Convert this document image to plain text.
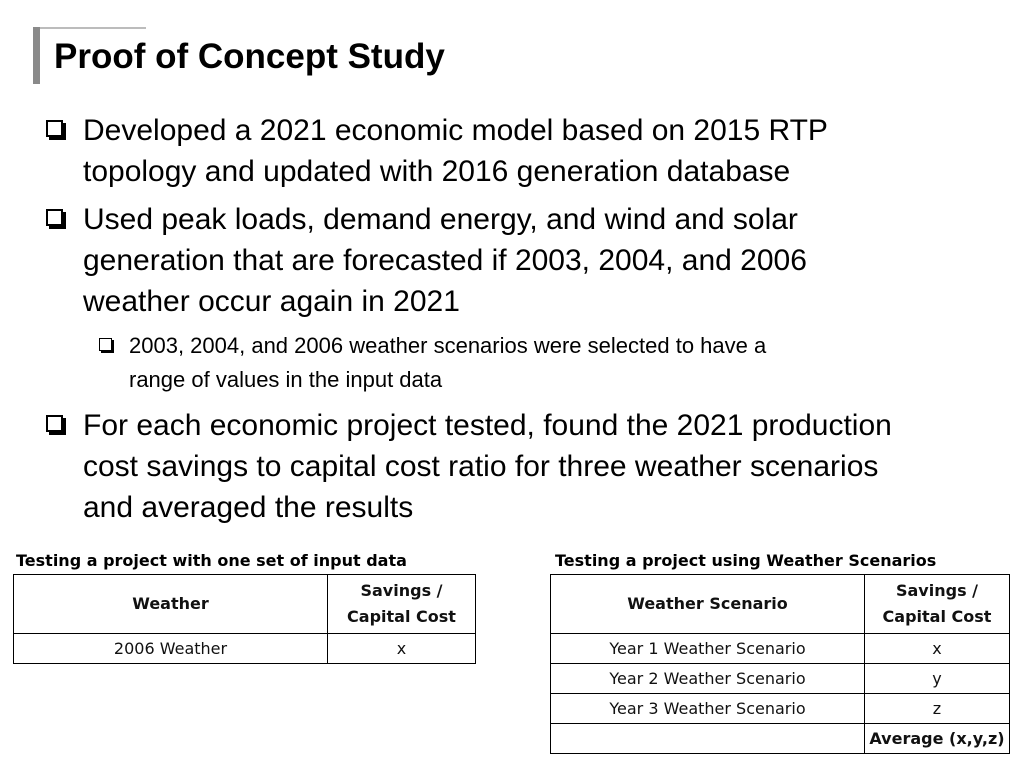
Proof of Concept Study
Developed a 2021 economic model based on 2015 RTP
topology and updated with 2016 generation database
Used peak loads, demand energy, and wind and solar
generation that are forecasted if 2003, 2004, and 2006
weather occur again in 2021
2003, 2004, and 2006 weather scenarios were selected to have a
range of values in the input data
For each economic project tested, found the 2021 production
cost savings to capital cost ratio for three weather scenarios
and averaged the results
Testing a project with one set of input data
Weather	Savings /
Capital Cost
2006 Weather	x
Testing a project using Weather Scenarios
Weather Scenario	Savings /
Capital Cost
Year 1 Weather Scenario	x
Year 2 Weather Scenario	y
Year 3 Weather Scenario	z
	Average (x,y,z)
